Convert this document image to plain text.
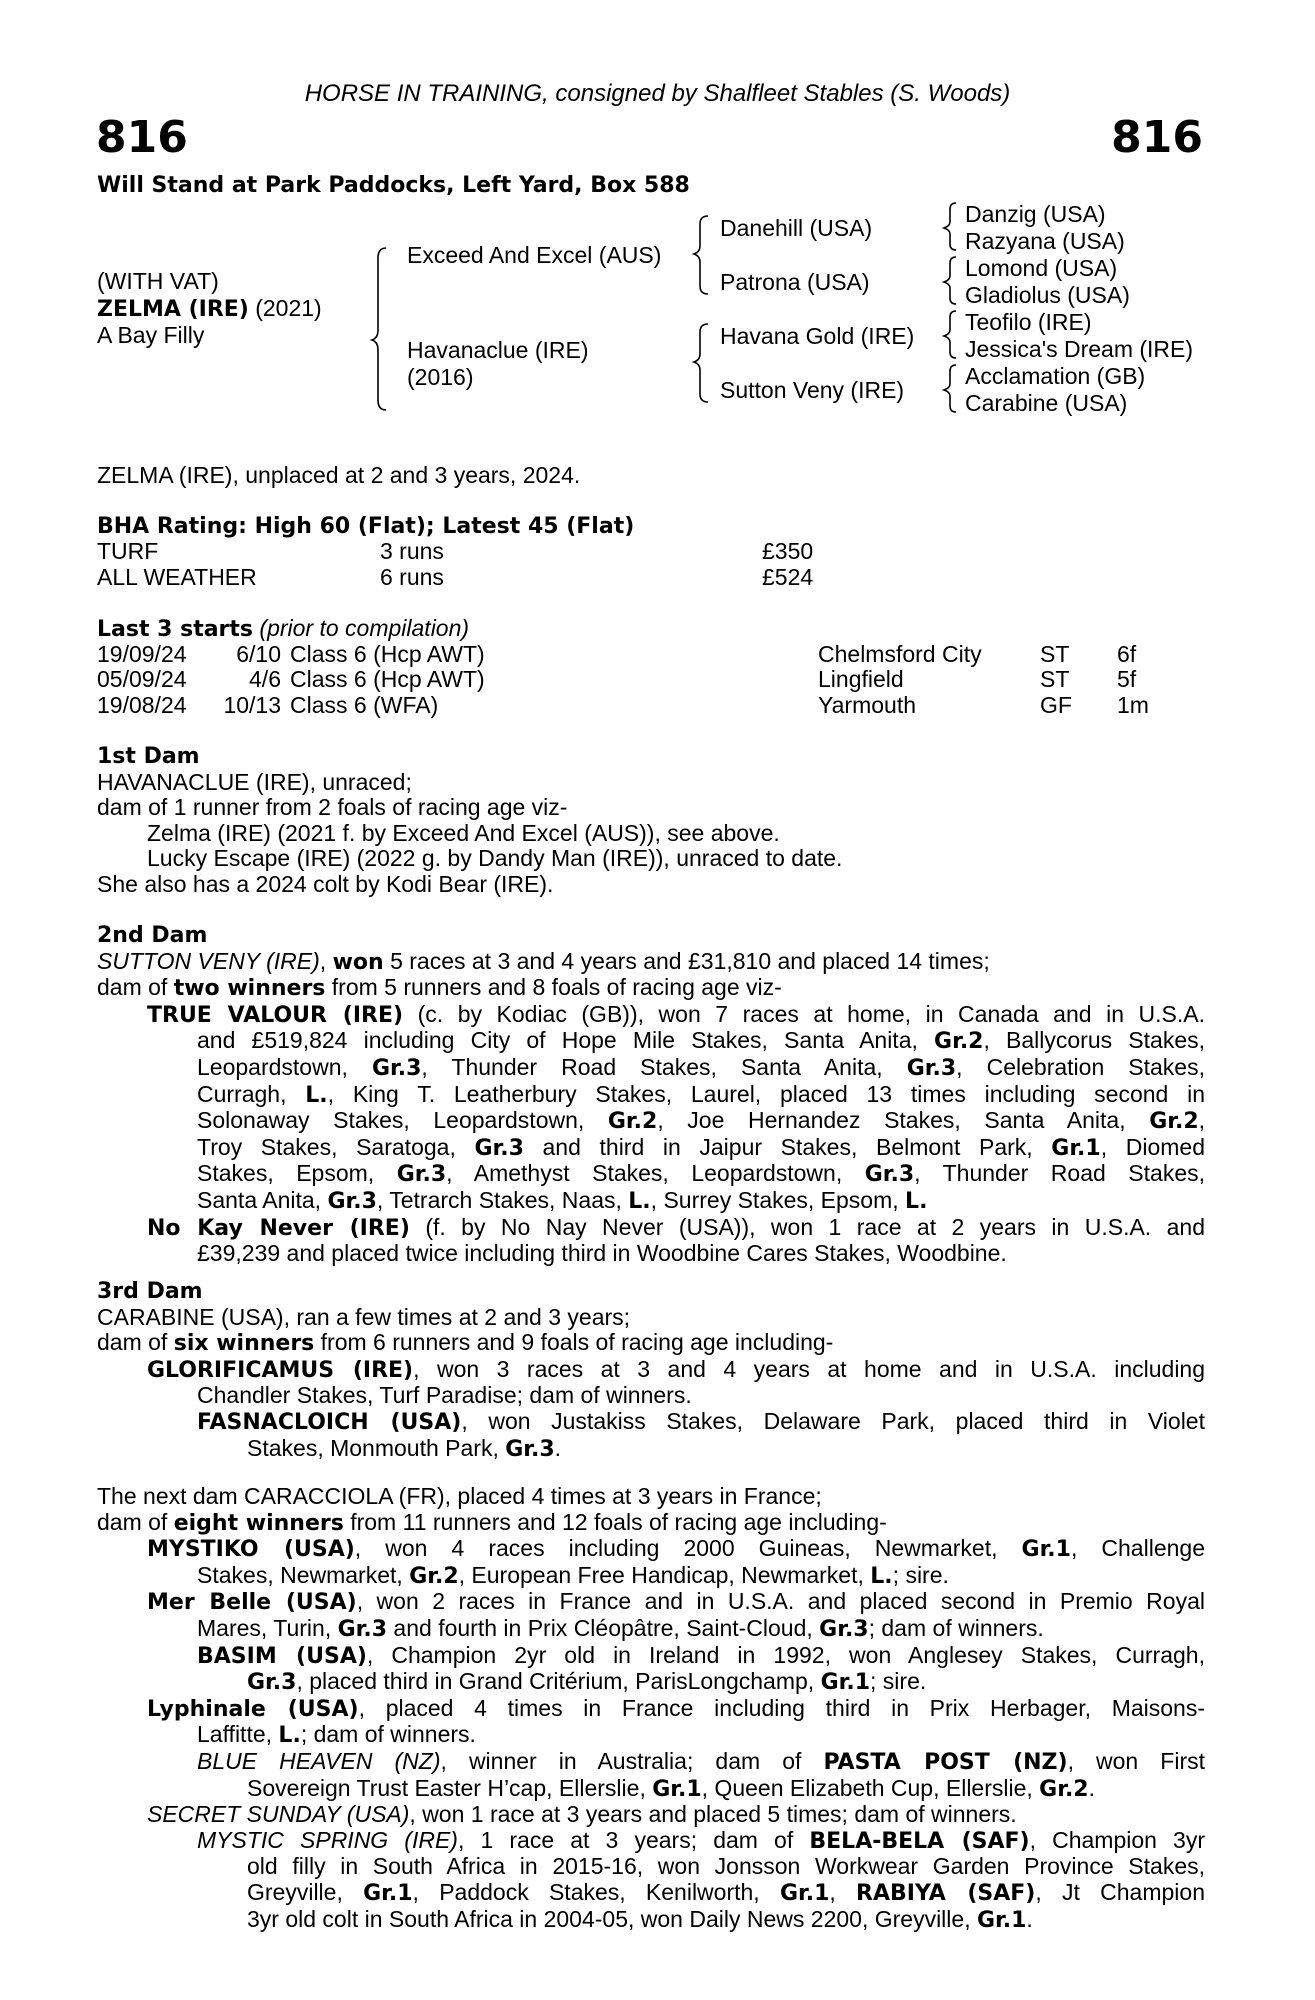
HORSE IN TRAINING, consigned by Shalfleet Stables (S. Woods)
816	816
Will Stand at Park Paddocks, Left Yard, Box 588
(WITH VAT)
ZELMA (IRE) (2021)
A Bay Filly
Exceed And Excel (AUS)
Havanaclue (IRE)
(2016)
Danehill (USA)
Patrona (USA)
Havana Gold (IRE)
Sutton Veny (IRE)
Danzig (USA)
Razyana (USA)
Lomond (USA)
Gladiolus (USA)
Teofilo (IRE)
Jessica's Dream (IRE)
Acclamation (GB)
Carabine (USA)
ZELMA (IRE), unplaced at 2 and 3 years, 2024.
BHA Rating: High 60 (Flat); Latest 45 (Flat)
TURF	3 runs	£350
ALL WEATHER	6 runs	£524
Last 3 starts (prior to compilation)
19/09/24	6/10 Class 6 (Hcp AWT)	Chelmsford City	ST 6f
05/09/24	4/6 Class 6 (Hcp AWT)	Lingfield	ST 5f
19/08/24	10/13 Class 6 (WFA)	Yarmouth	GF 1m
1st Dam
HAVANACLUE (IRE), unraced;
dam of 1 runner from 2 foals of racing age viz-
Zelma (IRE) (2021 f. by Exceed And Excel (AUS)), see above.
Lucky Escape (IRE) (2022 g. by Dandy Man (IRE)), unraced to date.
She also has a 2024 colt by Kodi Bear (IRE).
2nd Dam
SUTTON VENY (IRE), won 5 races at 3 and 4 years and £31,810 and placed 14 times;
dam of two winners from 5 runners and 8 foals of racing age viz-
TRUE VALOUR (IRE) (c. by Kodiac (GB)), won 7 races at home, in Canada and in U.S.A.
and £519,824 including City of Hope Mile Stakes, Santa Anita, Gr.2, Ballycorus Stakes,
Leopardstown, Gr.3, Thunder Road Stakes, Santa Anita, Gr.3, Celebration Stakes,
Curragh, L., King T. Leatherbury Stakes, Laurel, placed 13 times including second in
Solonaway Stakes, Leopardstown, Gr.2, Joe Hernandez Stakes, Santa Anita, Gr.2,
Troy Stakes, Saratoga, Gr.3 and third in Jaipur Stakes, Belmont Park, Gr.1, Diomed
Stakes, Epsom, Gr.3, Amethyst Stakes, Leopardstown, Gr.3, Thunder Road Stakes,
Santa Anita, Gr.3, Tetrarch Stakes, Naas, L., Surrey Stakes, Epsom, L.
No Kay Never (IRE) (f. by No Nay Never (USA)), won 1 race at 2 years in U.S.A. and
£39,239 and placed twice including third in Woodbine Cares Stakes, Woodbine.
3rd Dam
CARABINE (USA), ran a few times at 2 and 3 years;
dam of six winners from 6 runners and 9 foals of racing age including-
GLORIFICAMUS (IRE), won 3 races at 3 and 4 years at home and in U.S.A. including
Chandler Stakes, Turf Paradise; dam of winners.
FASNACLOICH (USA), won Justakiss Stakes, Delaware Park, placed third in Violet
Stakes, Monmouth Park, Gr.3.
The next dam CARACCIOLA (FR), placed 4 times at 3 years in France;
dam of eight winners from 11 runners and 12 foals of racing age including-
MYSTIKO (USA), won 4 races including 2000 Guineas, Newmarket, Gr.1, Challenge
Stakes, Newmarket, Gr.2, European Free Handicap, Newmarket, L.; sire.
Mer Belle (USA), won 2 races in France and in U.S.A. and placed second in Premio Royal
Mares, Turin, Gr.3 and fourth in Prix Cléopâtre, Saint-Cloud, Gr.3; dam of winners.
BASIM (USA), Champion 2yr old in Ireland in 1992, won Anglesey Stakes, Curragh,
Gr.3, placed third in Grand Critérium, ParisLongchamp, Gr.1; sire.
Lyphinale (USA), placed 4 times in France including third in Prix Herbager, Maisons-
Laffitte, L.; dam of winners.
BLUE HEAVEN (NZ), winner in Australia; dam of PASTA POST (NZ), won First
Sovereign Trust Easter H’cap, Ellerslie, Gr.1, Queen Elizabeth Cup, Ellerslie, Gr.2.
SECRET SUNDAY (USA), won 1 race at 3 years and placed 5 times; dam of winners.
MYSTIC SPRING (IRE), 1 race at 3 years; dam of BELA-BELA (SAF), Champion 3yr
old filly in South Africa in 2015-16, won Jonsson Workwear Garden Province Stakes,
Greyville, Gr.1, Paddock Stakes, Kenilworth, Gr.1, RABIYA (SAF), Jt Champion
3yr old colt in South Africa in 2004-05, won Daily News 2200, Greyville, Gr.1.
